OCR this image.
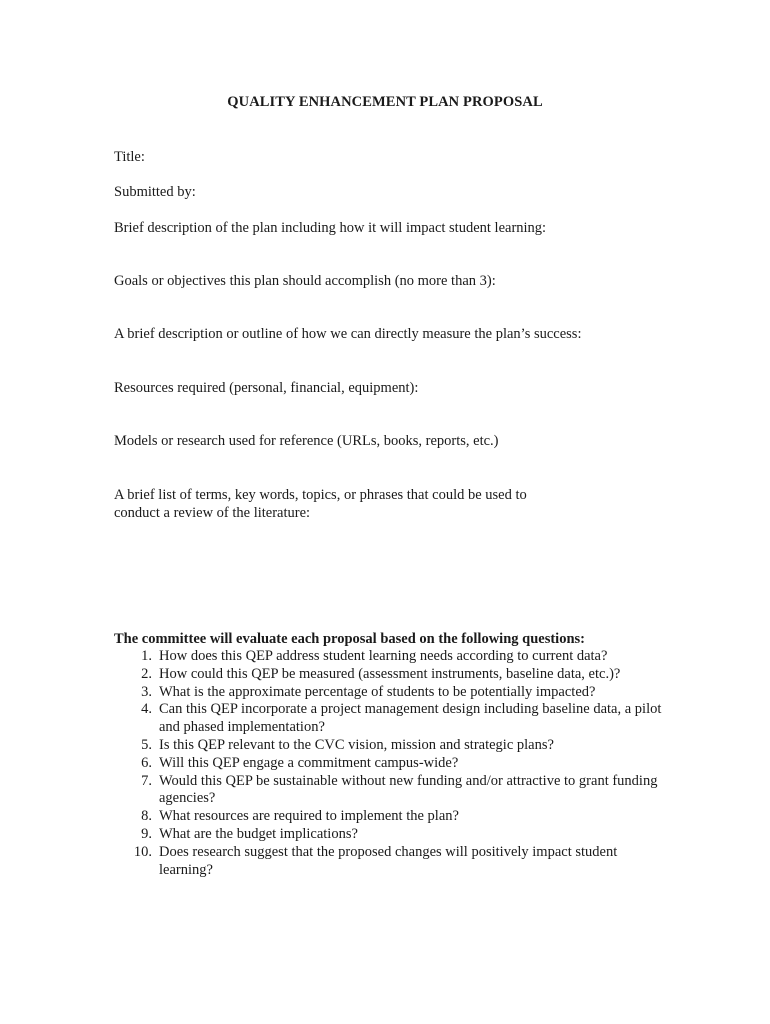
QUALITY ENHANCEMENT PLAN PROPOSAL
Title:
Submitted by:
Brief description of the plan including how it will impact student learning:
Goals or objectives this plan should accomplish (no more than 3):
A brief description or outline of how we can directly measure the plan’s success:
Resources required (personal, financial, equipment):
Models or research used for reference (URLs, books, reports, etc.)
A brief list of terms, key words, topics, or phrases that could be used to conduct a review of the literature:
The committee will evaluate each proposal based on the following questions:
1. How does this QEP address student learning needs according to current data?
2. How could this QEP be measured (assessment instruments, baseline data, etc.)?
3. What is the approximate percentage of students to be potentially impacted?
4. Can this QEP incorporate a project management design including baseline data, a pilot and phased implementation?
5. Is this QEP relevant to the CVC vision, mission and strategic plans?
6. Will this QEP engage a commitment campus-wide?
7. Would this QEP be sustainable without new funding and/or attractive to grant funding agencies?
8. What resources are required to implement the plan?
9. What are the budget implications?
10. Does research suggest that the proposed changes will positively impact student learning?
